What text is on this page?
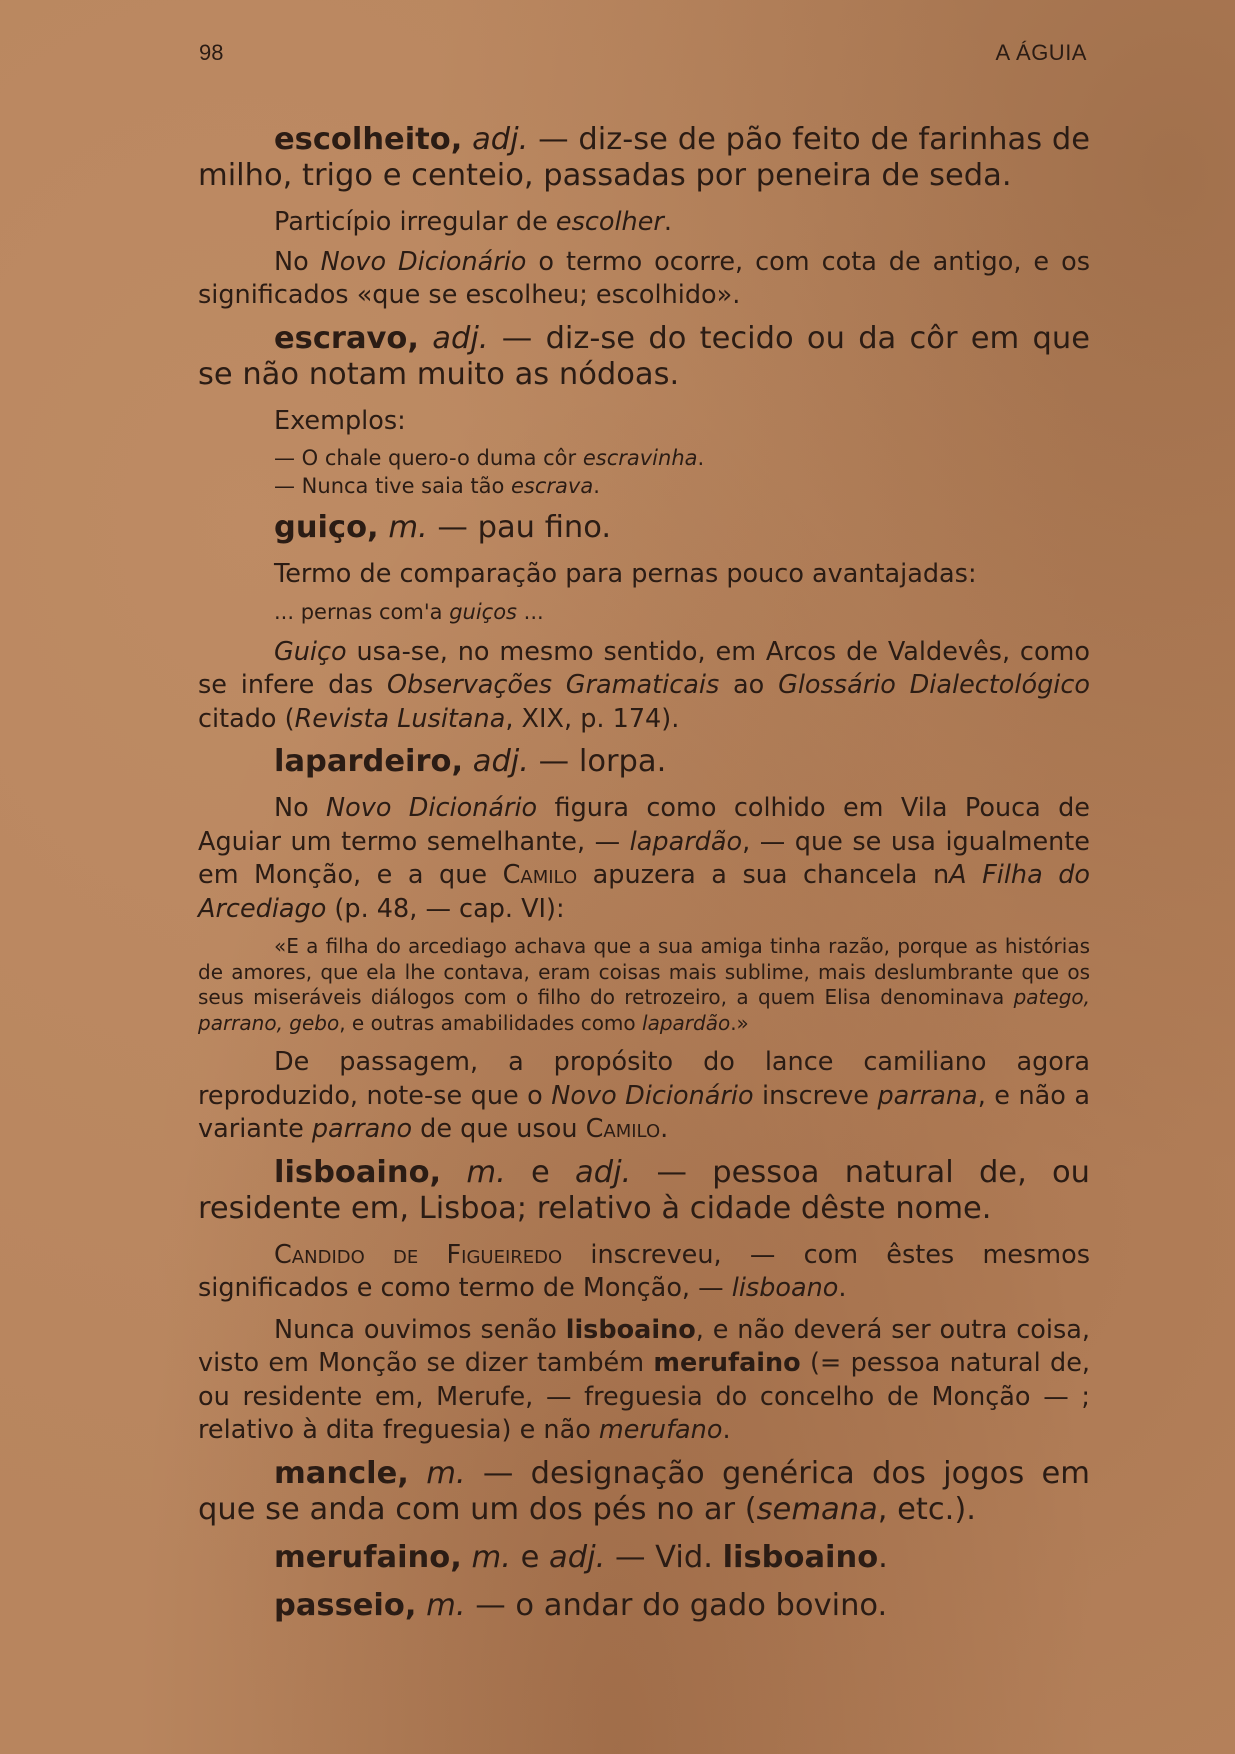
98	A ÁGUIA

escolheito, adj. — diz-se de pão feito de farinhas de milho, trigo e centeio, passadas por peneira de seda.

Particípio irregular de escolher.

No Novo Dicionário o termo ocorre, com cota de antigo, e os significados «que se escolheu; escolhido».

escravo, adj. — diz-se do tecido ou da côr em que se não notam muito as nódoas.

Exemplos:

— O chale quero-o duma côr escravinha.

— Nunca tive saia tão escrava.

guiço, m. — pau fino.

Termo de comparação para pernas pouco avantajadas:

... pernas com'a guiços ...

Guiço usa-se, no mesmo sentido, em Arcos de Valdevês, como se infere das Observações Gramaticais ao Glossário Dialectológico citado (Revista Lusitana, XIX, p. 174).

lapardeiro, adj. — lorpa.

No Novo Dicionário figura como colhido em Vila Pouca de Aguiar um termo semelhante, — lapardão, — que se usa igualmente em Monção, e a que Camilo apuzera a sua chancela nA Filha do Arcediago (p. 48, — cap. VI):

«E a filha do arcediago achava que a sua amiga tinha razão, porque as histórias de amores, que ela lhe contava, eram coisas mais sublime, mais deslumbrante que os seus miseráveis diálogos com o filho do retrozeiro, a quem Elisa denominava patego, parrano, gebo, e outras amabilidades como lapardão.»

De passagem, a propósito do lance camiliano agora reproduzido, note-se que o Novo Dicionário inscreve parrana, e não a variante parrano de que usou Camilo.

lisboaino, m. e adj. — pessoa natural de, ou residente em, Lisboa; relativo à cidade dêste nome.

Candido de Figueiredo inscreveu, — com êstes mesmos significados e como termo de Monção, — lisboano.

Nunca ouvimos senão lisboaino, e não deverá ser outra coisa, visto em Monção se dizer também merufaino (= pessoa natural de, ou residente em, Merufe, — freguesia do concelho de Monção — ; relativo à dita freguesia) e não merufano.

mancle, m. — designação genérica dos jogos em que se anda com um dos pés no ar (semana, etc.).

merufaino, m. e adj. — Vid. lisboaino.

passeio, m. — o andar do gado bovino.
